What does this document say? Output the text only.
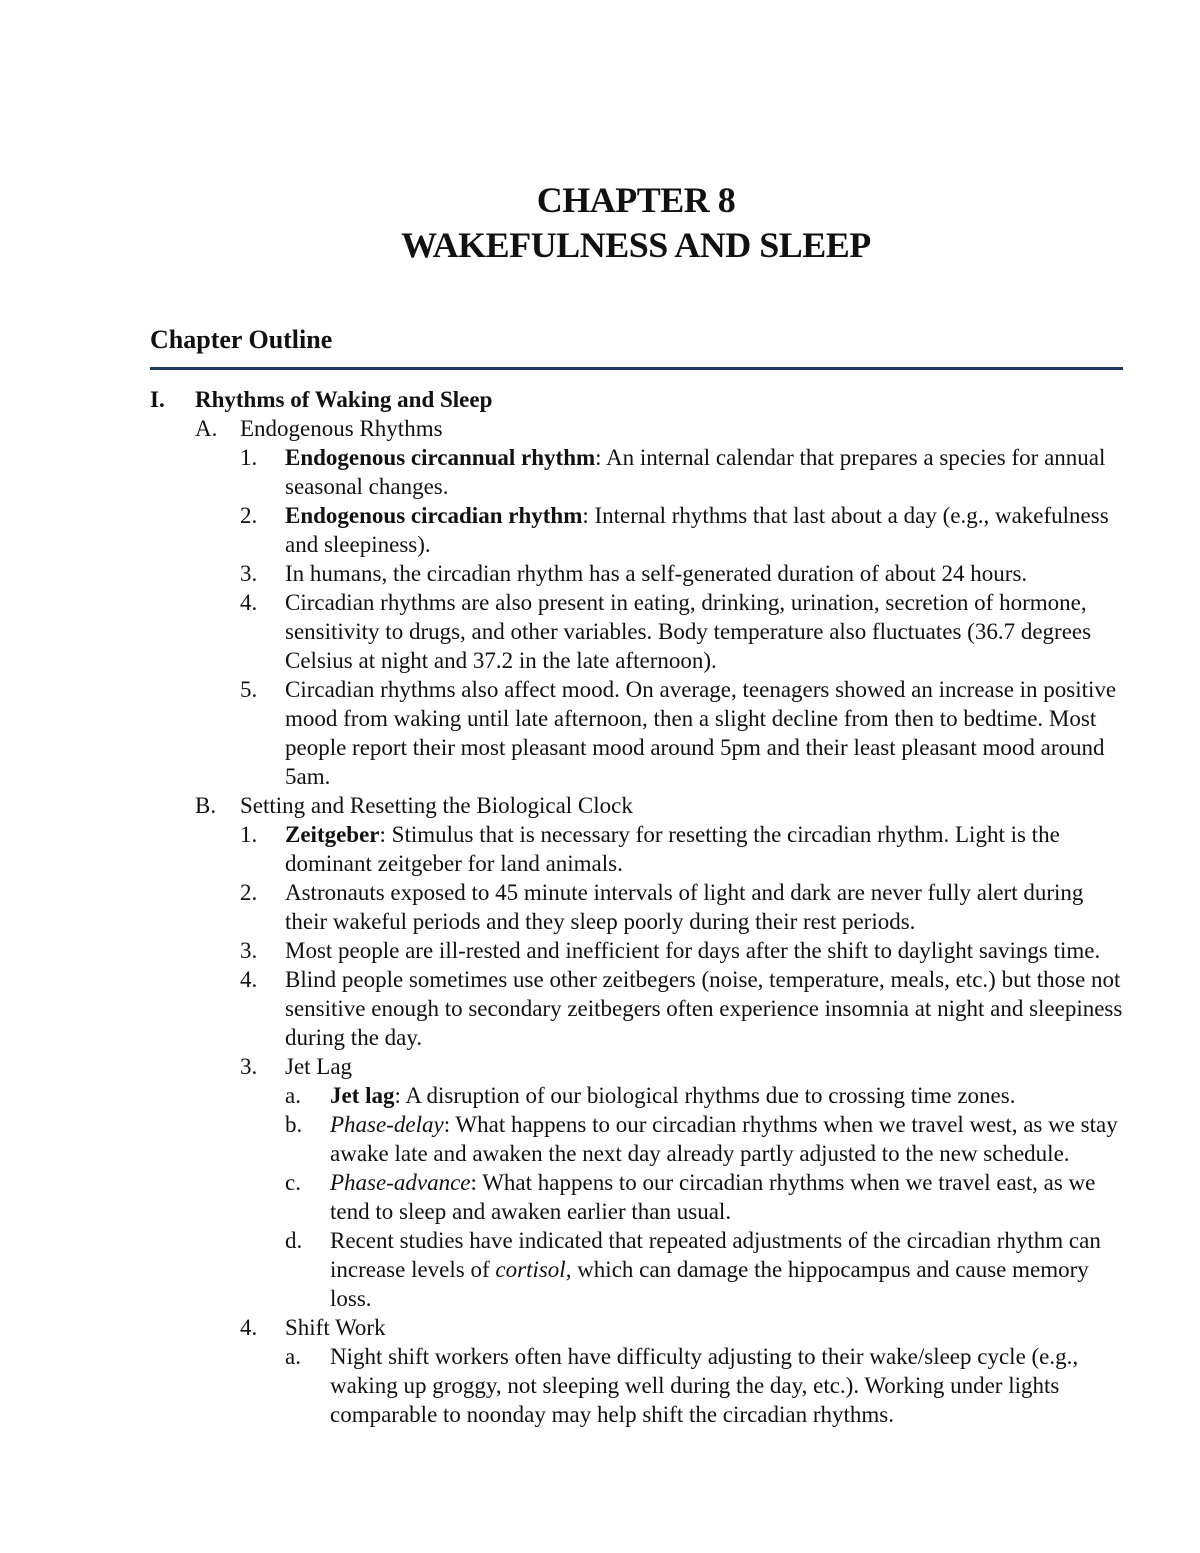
CHAPTER 8
WAKEFULNESS AND SLEEP
Chapter Outline
I. Rhythms of Waking and Sleep
A. Endogenous Rhythms
1. Endogenous circannual rhythm: An internal calendar that prepares a species for annual seasonal changes.
2. Endogenous circadian rhythm: Internal rhythms that last about a day (e.g., wakefulness and sleepiness).
3. In humans, the circadian rhythm has a self-generated duration of about 24 hours.
4. Circadian rhythms are also present in eating, drinking, urination, secretion of hormone, sensitivity to drugs, and other variables. Body temperature also fluctuates (36.7 degrees Celsius at night and 37.2 in the late afternoon).
5. Circadian rhythms also affect mood. On average, teenagers showed an increase in positive mood from waking until late afternoon, then a slight decline from then to bedtime. Most people report their most pleasant mood around 5pm and their least pleasant mood around 5am.
B. Setting and Resetting the Biological Clock
1. Zeitgeber: Stimulus that is necessary for resetting the circadian rhythm. Light is the dominant zeitgeber for land animals.
2. Astronauts exposed to 45 minute intervals of light and dark are never fully alert during their wakeful periods and they sleep poorly during their rest periods.
3. Most people are ill-rested and inefficient for days after the shift to daylight savings time.
4. Blind people sometimes use other zeitbegers (noise, temperature, meals, etc.) but those not sensitive enough to secondary zeitbegers often experience insomnia at night and sleepiness during the day.
3. Jet Lag
a. Jet lag: A disruption of our biological rhythms due to crossing time zones.
b. Phase-delay: What happens to our circadian rhythms when we travel west, as we stay awake late and awaken the next day already partly adjusted to the new schedule.
c. Phase-advance: What happens to our circadian rhythms when we travel east, as we tend to sleep and awaken earlier than usual.
d. Recent studies have indicated that repeated adjustments of the circadian rhythm can increase levels of cortisol, which can damage the hippocampus and cause memory loss.
4. Shift Work
a. Night shift workers often have difficulty adjusting to their wake/sleep cycle (e.g., waking up groggy, not sleeping well during the day, etc.). Working under lights comparable to noonday may help shift the circadian rhythms.
